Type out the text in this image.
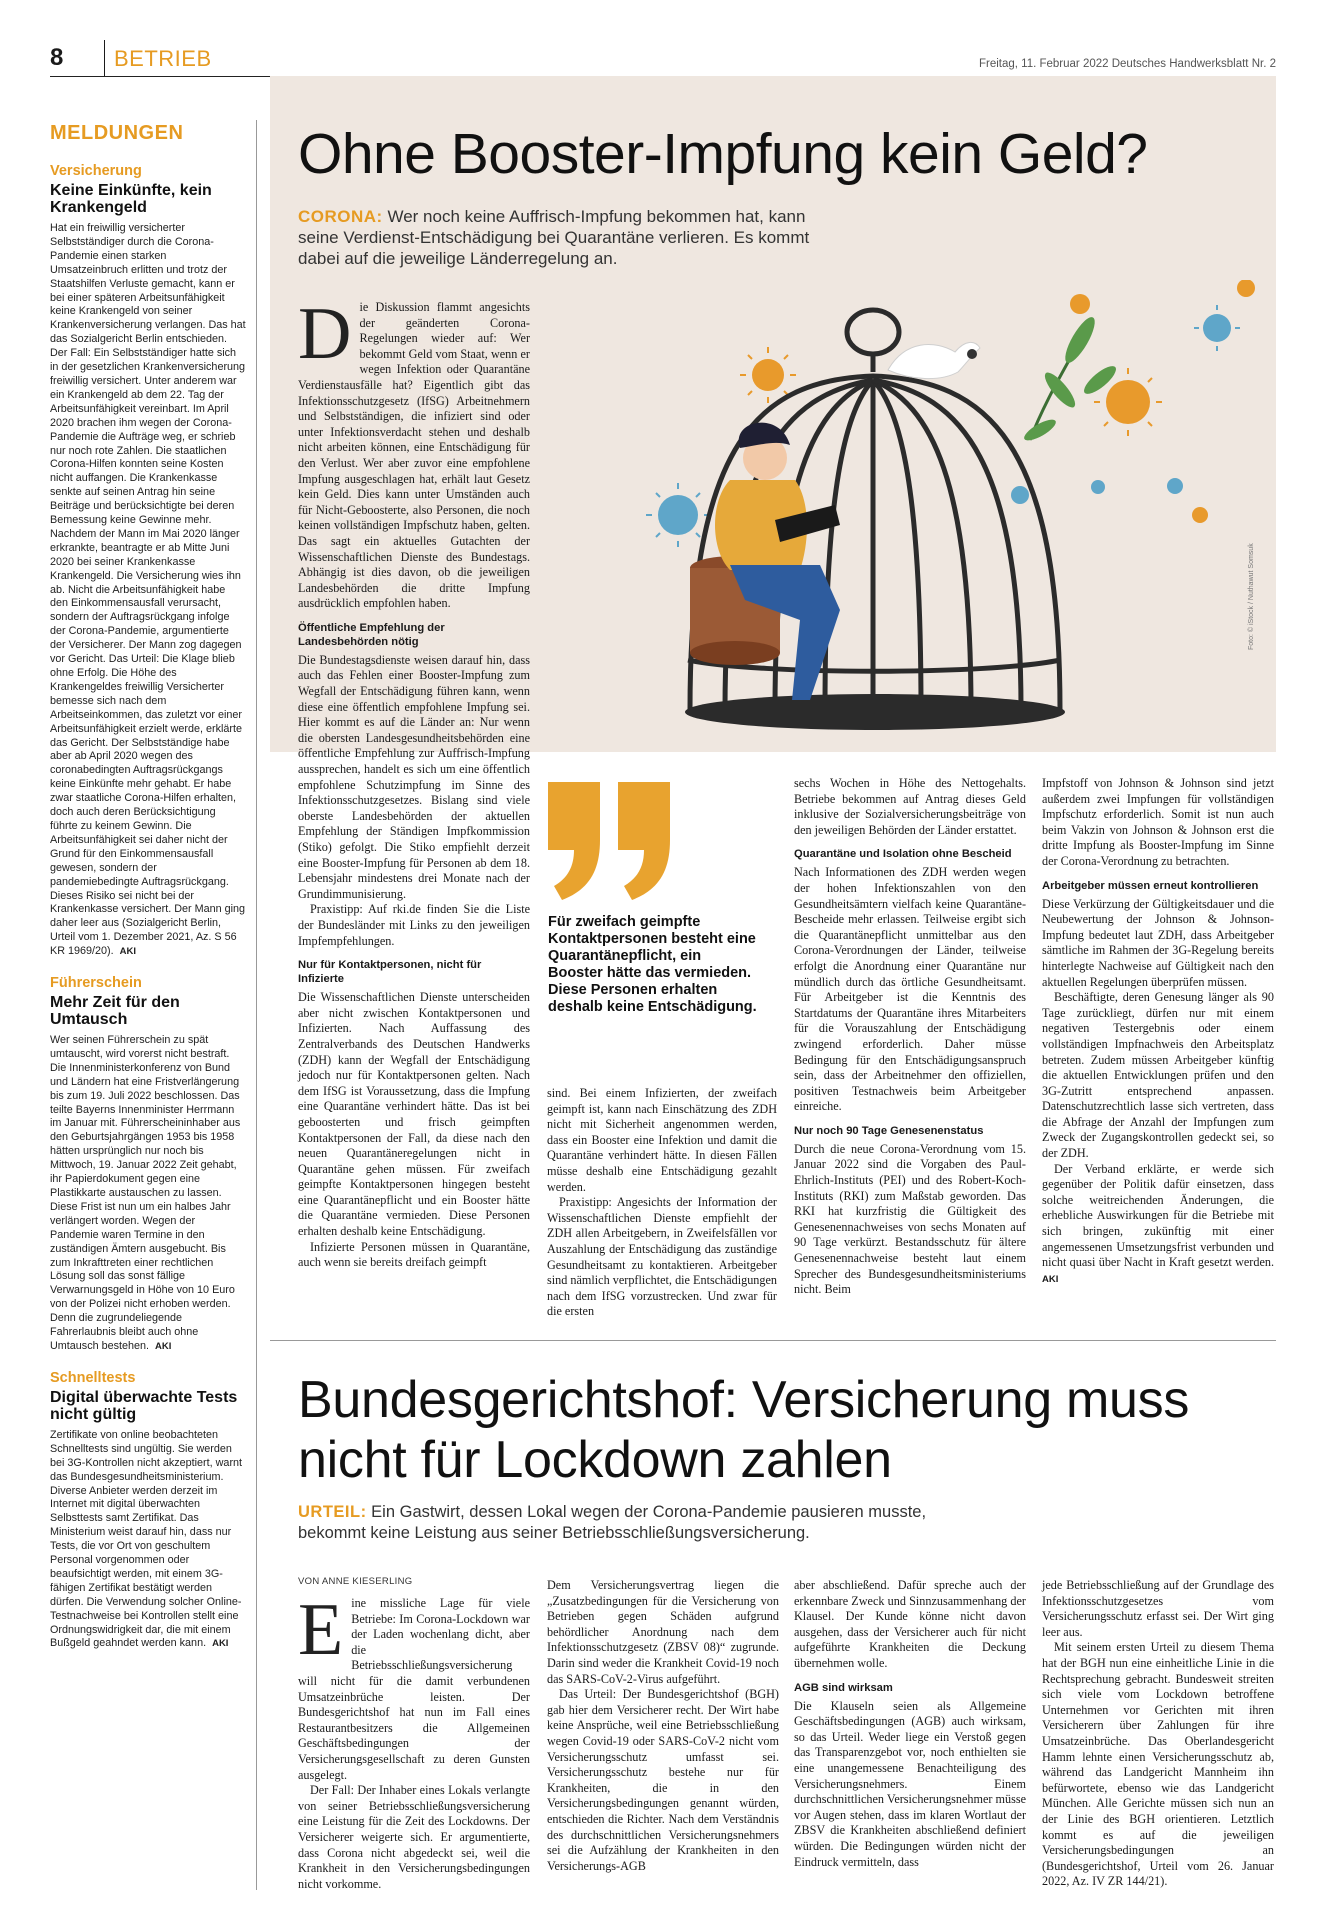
8 BETRIEB	Freitag, 11. Februar 2022 Deutsches Handwerksblatt Nr. 2
MELDUNGEN
Versicherung
Keine Einkünfte, kein Krankengeld
Hat ein freiwillig versicherter Selbstständiger durch die Corona-Pandemie einen starken Umsatzeinbruch erlitten und trotz der Staatshilfen Verluste gemacht, kann er bei einer späteren Arbeitsunfähigkeit keine Krankengeld von seiner Krankenversicherung verlangen. Das hat das Sozialgericht Berlin entschieden. Der Fall: Ein Selbstständiger hatte sich in der gesetzlichen Krankenversicherung freiwillig versichert. Unter anderem war ein Krankengeld ab dem 22. Tag der Arbeitsunfähigkeit vereinbart. Im April 2020 brachen ihm wegen der Corona-Pandemie die Aufträge weg, er schrieb nur noch rote Zahlen. Die staatlichen Corona-Hilfen konnten seine Kosten nicht auffangen. Die Krankenkasse senkte auf seinen Antrag hin seine Beiträge und berücksichtigte bei deren Bemessung keine Gewinne mehr. Nachdem der Mann im Mai 2020 länger erkrankte, beantragte er ab Mitte Juni 2020 bei seiner Krankenkasse Krankengeld. Die Versicherung wies ihn ab. Nicht die Arbeitsunfähigkeit habe den Einkommensausfall verursacht, sondern der Auftragsrückgang infolge der Corona-Pandemie, argumentierte der Versicherer. Der Mann zog dagegen vor Gericht. Das Urteil: Die Klage blieb ohne Erfolg. Die Höhe des Krankengeldes freiwillig Versicherter bemesse sich nach dem Arbeitseinkommen, das zuletzt vor einer Arbeitsunfähigkeit erzielt werde, erklärte das Gericht. Der Selbstständige habe aber ab April 2020 wegen des coronabedingten Auftragsrückgangs keine Einkünfte mehr gehabt. Er habe zwar staatliche Corona-Hilfen erhalten, doch auch deren Berücksichtigung führte zu keinem Gewinn. Die Arbeitsunfähigkeit sei daher nicht der Grund für den Einkommensausfall gewesen, sondern der pandemiebedingte Auftragsrückgang. Dieses Risiko sei nicht bei der Krankenkasse versichert. Der Mann ging daher leer aus (Sozialgericht Berlin, Urteil vom 1. Dezember 2021, Az. S 56 KR 1969/20). AKI
Führerschein
Mehr Zeit für den Umtausch
Wer seinen Führerschein zu spät umtauscht, wird vorerst nicht bestraft. Die Innenministerkonferenz von Bund und Ländern hat eine Fristverlängerung bis zum 19. Juli 2022 beschlossen. Das teilte Bayerns Innenminister Herrmann im Januar mit. Führerscheininhaber aus den Geburtsjahrgängen 1953 bis 1958 hätten ursprünglich nur noch bis Mittwoch, 19. Januar 2022 Zeit gehabt, ihr Papierdokument gegen eine Plastikkarte austauschen zu lassen. Diese Frist ist nun um ein halbes Jahr verlängert worden. Wegen der Pandemie waren Termine in den zuständigen Ämtern ausgebucht. Bis zum Inkrafttreten einer rechtlichen Lösung soll das sonst fällige Verwarnungsgeld in Höhe von 10 Euro von der Polizei nicht erhoben werden. Denn die zugrundeliegende Fahrerlaubnis bleibt auch ohne Umtausch bestehen. AKI
Schnelltests
Digital überwachte Tests nicht gültig
Zertifikate von online beobachteten Schnelltests sind ungültig. Sie werden bei 3G-Kontrollen nicht akzeptiert, warnt das Bundesgesundheitsministerium. Diverse Anbieter werden derzeit im Internet mit digital überwachten Selbsttests samt Zertifikat. Das Ministerium weist darauf hin, dass nur Tests, die vor Ort von geschultem Personal vorgenommen oder beaufsichtigt werden, mit einem 3G-fähigen Zertifikat bestätigt werden dürfen. Die Verwendung solcher Online-Testnachweise bei Kontrollen stellt eine Ordnungswidrigkeit dar, die mit einem Bußgeld geahndet werden kann. AKI
Ohne Booster-Impfung kein Geld?
CORONA: Wer noch keine Auffrisch-Impfung bekommen hat, kann seine Verdienst-Entschädigung bei Quarantäne verlieren. Es kommt dabei auf die jeweilige Länderregelung an.
Foto: © iStock / Nuthawut Somsuk

Die Diskussion flammt angesichts der geänderten Corona-Regelungen wieder auf: Wer bekommt Geld vom Staat, wenn er wegen Infektion oder Quarantäne Verdienstausfälle hat? Eigentlich gibt das Infektionsschutzgesetz (IfSG) Arbeitnehmern und Selbstständigen, die infiziert sind oder unter Infektionsverdacht stehen und deshalb nicht arbeiten können, eine Entschädigung für den Verlust. Wer aber zuvor eine empfohlene Impfung ausgeschlagen hat, erhält laut Gesetz kein Geld. Dies kann unter Umständen auch für Nicht-Geboosterte, also Personen, die noch keinen vollständigen Impfschutz haben, gelten. Das sagt ein aktuelles Gutachten der Wissenschaftlichen Dienste des Bundestags. Abhängig ist dies davon, ob die jeweiligen Landesbehörden die dritte Impfung ausdrücklich empfohlen haben.

Öffentliche Empfehlung der Landesbehörden nötig

Die Bundestagsdienste weisen darauf hin, dass auch das Fehlen einer Booster-Impfung zum Wegfall der Entschädigung führen kann, wenn diese eine öffentlich empfohlene Impfung sei. Hier kommt es auf die Länder an: Nur wenn die obersten Landesgesundheitsbehörden eine öffentliche Empfehlung zur Auffrisch-Impfung aussprechen, handelt es sich um eine öffentlich empfohlene Schutzimpfung im Sinne des Infektionsschutzgesetzes. Bislang sind viele oberste Landesbehörden der aktuellen Empfehlung der Ständigen Impfkommission (Stiko) gefolgt. Die Stiko empfiehlt derzeit eine Booster-Impfung für Personen ab dem 18. Lebensjahr mindestens drei Monate nach der Grundimmunisierung.

Praxistipp: Auf rki.de finden Sie die Liste der Bundesländer mit Links zu den jeweiligen Impfempfehlungen.

Nur für Kontaktpersonen, nicht für Infizierte

Die Wissenschaftlichen Dienste unterscheiden aber nicht zwischen Kontaktpersonen und Infizierten. Nach Auffassung des Zentralverbands des Deutschen Handwerks (ZDH) kann der Wegfall der Entschädigung jedoch nur für Kontaktpersonen gelten. Nach dem IfSG ist Voraussetzung, dass die Impfung eine Quarantäne verhindert hätte. Das ist bei geboosterten und frisch geimpften Kontaktpersonen der Fall, da diese nach den neuen Quarantäneregelungen nicht in Quarantäne gehen müssen. Für zweifach geimpfte Kontaktpersonen hingegen besteht eine Quarantänepflicht und ein Booster hätte die Quarantäne vermieden. Diese Personen erhalten deshalb keine Entschädigung.

Infizierte Personen müssen in Quarantäne, auch wenn sie bereits dreifach geimpft

Für zweifach geimpfte Kontaktpersonen besteht eine Quarantänepflicht, ein Booster hätte das vermieden. Diese Personen erhalten deshalb keine Entschädigung.

sind. Bei einem Infizierten, der zweifach geimpft ist, kann nach Einschätzung des ZDH nicht mit Sicherheit angenommen werden, dass ein Booster eine Infektion und damit die Quarantäne verhindert hätte. In diesen Fällen müsse deshalb eine Entschädigung gezahlt werden.

Praxistipp: Angesichts der Information der Wissenschaftlichen Dienste empfiehlt der ZDH allen Arbeitgebern, in Zweifelsfällen vor Auszahlung der Entschädigung das zuständige Gesundheitsamt zu kontaktieren. Arbeitgeber sind nämlich verpflichtet, die Entschädigungen nach dem IfSG vorzustrecken. Und zwar für die ersten

sechs Wochen in Höhe des Nettogehalts. Betriebe bekommen auf Antrag dieses Geld inklusive der Sozialversicherungsbeiträge von den jeweiligen Behörden der Länder erstattet.

Quarantäne und Isolation ohne Bescheid

Nach Informationen des ZDH werden wegen der hohen Infektionszahlen von den Gesundheitsämtern vielfach keine Quarantäne-Bescheide mehr erlassen. Teilweise ergibt sich die Quarantänepflicht unmittelbar aus den Corona-Verordnungen der Länder, teilweise erfolgt die Anordnung einer Quarantäne nur mündlich durch das örtliche Gesundheitsamt. Für Arbeitgeber ist die Kenntnis des Startdatums der Quarantäne ihres Mitarbeiters für die Vorauszahlung der Entschädigung zwingend erforderlich. Daher müsse Bedingung für den Entschädigungsanspruch sein, dass der Arbeitnehmer den offiziellen, positiven Testnachweis beim Arbeitgeber einreiche.

Nur noch 90 Tage Genesenenstatus

Durch die neue Corona-Verordnung vom 15. Januar 2022 sind die Vorgaben des Paul-Ehrlich-Instituts (PEI) und des Robert-Koch-Instituts (RKI) zum Maßstab geworden. Das RKI hat kurzfristig die Gültigkeit des Genesenennachweises von sechs Monaten auf 90 Tage verkürzt. Bestandsschutz für ältere Genesenennachweise besteht laut einem Sprecher des Bundesgesundheitsministeriums nicht. Beim

Impfstoff von Johnson & Johnson sind jetzt außerdem zwei Impfungen für vollständigen Impfschutz erforderlich. Somit ist nun auch beim Vakzin von Johnson & Johnson erst die dritte Impfung als Booster-Impfung im Sinne der Corona-Verordnung zu betrachten.

Arbeitgeber müssen erneut kontrollieren

Diese Verkürzung der Gültigkeitsdauer und die Neubewertung der Johnson & Johnson-Impfung bedeutet laut ZDH, dass Arbeitgeber sämtliche im Rahmen der 3G-Regelung bereits hinterlegte Nachweise auf Gültigkeit nach den aktuellen Regelungen überprüfen müssen.

Beschäftigte, deren Genesung länger als 90 Tage zurückliegt, dürfen nur mit einem negativen Testergebnis oder einem vollständigen Impfnachweis den Arbeitsplatz betreten. Zudem müssen Arbeitgeber künftig die aktuellen Entwicklungen prüfen und den 3G-Zutritt entsprechend anpassen. Datenschutzrechtlich lasse sich vertreten, dass die Abfrage der Anzahl der Impfungen zum Zweck der Zugangskontrollen gedeckt sei, so der ZDH.

Der Verband erklärte, er werde sich gegenüber der Politik dafür einsetzen, dass solche weitreichenden Änderungen, die erhebliche Auswirkungen für die Betriebe mit sich bringen, zukünftig mit einer angemessenen Umsetzungsfrist verbunden und nicht quasi über Nacht in Kraft gesetzt werden. AKI

Bundesgerichtshof: Versicherung muss nicht für Lockdown zahlen
URTEIL: Ein Gastwirt, dessen Lokal wegen der Corona-Pandemie pausieren musste, bekommt keine Leistung aus seiner Betriebsschließungsversicherung.
VON ANNE KIESERLING

Eine missliche Lage für viele Betriebe: Im Corona-Lockdown war der Laden wochenlang dicht, aber die Betriebsschließungsversicherung will nicht für die damit verbundenen Umsatzeinbrüche leisten. Der Bundesgerichtshof hat nun im Fall eines Restaurantbesitzers die Allgemeinen Geschäftsbedingungen der Versicherungsgesellschaft zu deren Gunsten ausgelegt.

Der Fall: Der Inhaber eines Lokals verlangte von seiner Betriebsschließungsversicherung eine Leistung für die Zeit des Lockdowns. Der Versicherer weigerte sich. Er argumentierte, dass Corona nicht abgedeckt sei, weil die Krankheit in den Versicherungsbedingungen nicht vorkomme.

Dem Versicherungsvertrag liegen die „Zusatzbedingungen für die Versicherung von Betrieben gegen Schäden aufgrund behördlicher Anordnung nach dem Infektionsschutzgesetz (ZBSV 08)“ zugrunde. Darin sind weder die Krankheit Covid-19 noch das SARS-CoV-2-Virus aufgeführt.

Das Urteil: Der Bundesgerichtshof (BGH) gab hier dem Versicherer recht. Der Wirt habe keine Ansprüche, weil eine Betriebsschließung wegen Covid-19 oder SARS-CoV-2 nicht vom Versicherungsschutz umfasst sei. Versicherungsschutz bestehe nur für Krankheiten, die in den Versicherungsbedingungen genannt würden, entschieden die Richter. Nach dem Verständnis des durchschnittlichen Versicherungsnehmers sei die Aufzählung der Krankheiten in den Versicherungs-AGB

aber abschließend. Dafür spreche auch der erkennbare Zweck und Sinnzusammenhang der Klausel. Der Kunde könne nicht davon ausgehen, dass der Versicherer auch für nicht aufgeführte Krankheiten die Deckung übernehmen wolle.

AGB sind wirksam

Die Klauseln seien als Allgemeine Geschäftsbedingungen (AGB) auch wirksam, so das Urteil. Weder liege ein Verstoß gegen das Transparenzgebot vor, noch enthielten sie eine unangemessene Benachteiligung des Versicherungsnehmers. Einem durchschnittlichen Versicherungsnehmer müsse vor Augen stehen, dass im klaren Wortlaut der ZBSV die Krankheiten abschließend definiert würden. Die Bedingungen würden nicht der Eindruck vermitteln, dass

jede Betriebsschließung auf der Grundlage des Infektionsschutzgesetzes vom Versicherungsschutz erfasst sei. Der Wirt ging leer aus.

Mit seinem ersten Urteil zu diesem Thema hat der BGH nun eine einheitliche Linie in die Rechtsprechung gebracht. Bundesweit streiten sich viele vom Lockdown betroffene Unternehmen vor Gerichten mit ihren Versicherern über Zahlungen für ihre Umsatzeinbrüche. Das Oberlandesgericht Hamm lehnte einen Versicherungsschutz ab, während das Landgericht Mannheim ihn befürwortete, ebenso wie das Landgericht München. Alle Gerichte müssen sich nun an der Linie des BGH orientieren. Letztlich kommt es auf die jeweiligen Versicherungsbedingungen an (Bundesgerichtshof, Urteil vom 26. Januar 2022, Az. IV ZR 144/21).
